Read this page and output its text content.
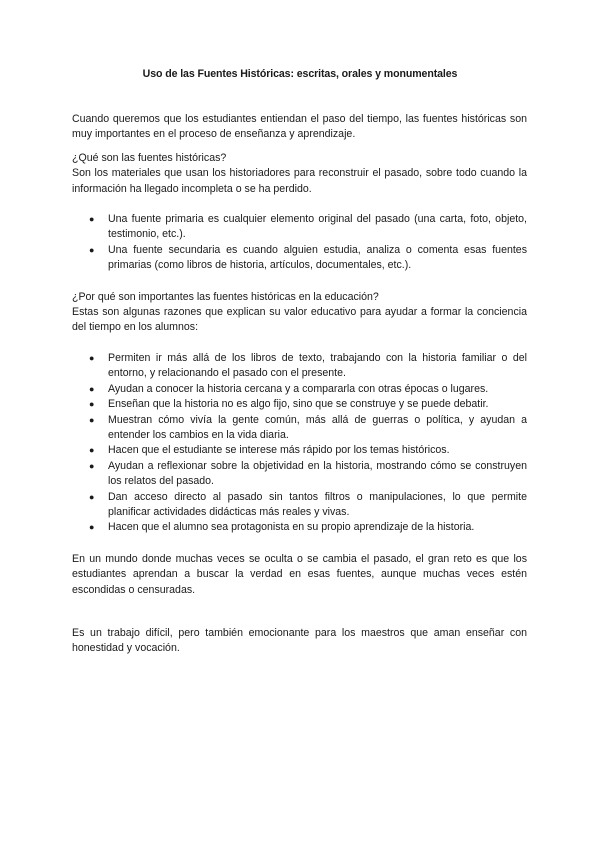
Uso de las Fuentes Históricas: escritas, orales y monumentales

Cuando queremos que los estudiantes entiendan el paso del tiempo, las fuentes históricas son muy importantes en el proceso de enseñanza y aprendizaje.

¿Qué son las fuentes históricas?

Son los materiales que usan los historiadores para reconstruir el pasado, sobre todo cuando la información ha llegado incompleta o se ha perdido.

● Una fuente primaria es cualquier elemento original del pasado (una carta, foto, objeto, testimonio, etc.).
● Una fuente secundaria es cuando alguien estudia, analiza o comenta esas fuentes primarias (como libros de historia, artículos, documentales, etc.).

¿Por qué son importantes las fuentes históricas en la educación?

Estas son algunas razones que explican su valor educativo para ayudar a formar la conciencia del tiempo en los alumnos:

● Permiten ir más allá de los libros de texto, trabajando con la historia familiar o del entorno, y relacionando el pasado con el presente.
● Ayudan a conocer la historia cercana y a compararla con otras épocas o lugares.
● Enseñan que la historia no es algo fijo, sino que se construye y se puede debatir.
● Muestran cómo vivía la gente común, más allá de guerras o política, y ayudan a entender los cambios en la vida diaria.
● Hacen que el estudiante se interese más rápido por los temas históricos.
● Ayudan a reflexionar sobre la objetividad en la historia, mostrando cómo se construyen los relatos del pasado.
● Dan acceso directo al pasado sin tantos filtros o manipulaciones, lo que permite planificar actividades didácticas más reales y vivas.
● Hacen que el alumno sea protagonista en su propio aprendizaje de la historia.

En un mundo donde muchas veces se oculta o se cambia el pasado, el gran reto es que los estudiantes aprendan a buscar la verdad en esas fuentes, aunque muchas veces estén escondidas o censuradas.

Es un trabajo difícil, pero también emocionante para los maestros que aman enseñar con honestidad y vocación.
